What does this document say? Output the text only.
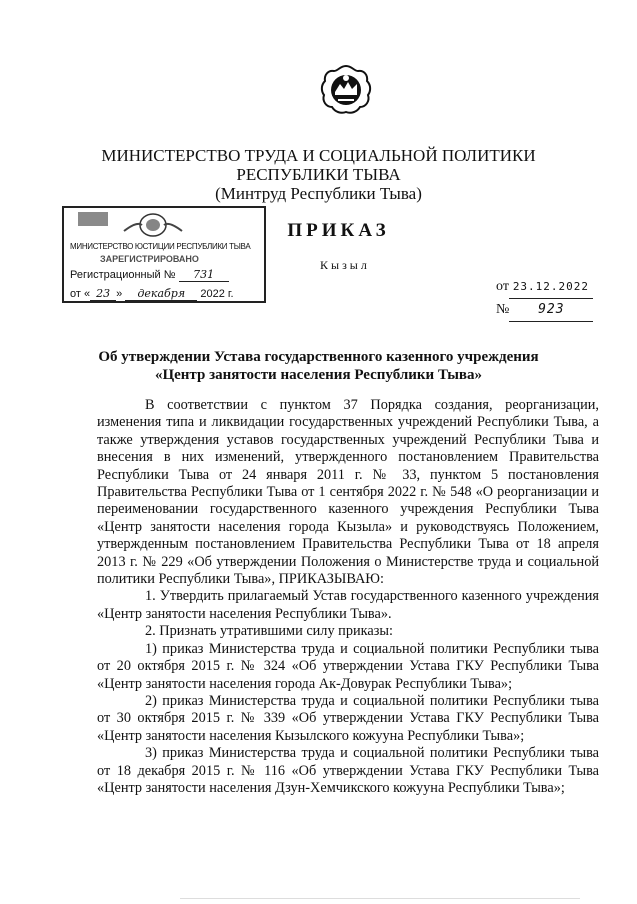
МИНИСТЕРСТВО ТРУДА И СОЦИАЛЬНОЙ ПОЛИТИКИ
РЕСПУБЛИКИ ТЫВА
(Минтруд Республики Тыва)
МИНИСТЕРСТВО ЮСТИЦИИ РЕСПУБЛИКИ ТЫВА
ЗАРЕГИСТРИРОВАНО
Регистрационный № 731
от « 23 » декабря 2022 г.
ПРИКАЗ
Кызыл
от 23.12.2022
№ 923
Об утверждении Устава государственного казенного учреждения
«Центр занятости населения Республики Тыва»

В соответствии с пунктом 37 Порядка создания, реорганизации, изменения типа и ликвидации государственных учреждений Республики Тыва, а также утверждения уставов государственных учреждений Республики Тыва и внесения в них изменений, утвержденного постановлением Правительства Республики Тыва от 24 января 2011 г. № 33, пунктом 5 постановления Правительства Республики Тыва от 1 сентября 2022 г. № 548 «О реорганизации и переименовании государственного казенного учреждения Республики Тыва «Центр занятости населения города Кызыла» и руководствуясь Положением, утвержденным постановлением Правительства Республики Тыва от 18 апреля 2013 г. № 229 «Об утверждении Положения о Министерстве труда и социальной политики Республики Тыва», ПРИКАЗЫВАЮ:

1. Утвердить прилагаемый Устав государственного казенного учреждения «Центр занятости населения Республики Тыва».

2. Признать утратившими силу приказы:

1) приказ Министерства труда и социальной политики Республики тыва от 20 октября 2015 г. № 324 «Об утверждении Устава ГКУ Республики Тыва «Центр занятости населения города Ак-Довурак Республики Тыва»;

2) приказ Министерства труда и социальной политики Республики тыва от 30 октября 2015 г. № 339 «Об утверждении Устава ГКУ Республики Тыва «Центр занятости населения Кызылского кожууна Республики Тыва»;

3) приказ Министерства труда и социальной политики Республики тыва от 18 декабря 2015 г. № 116 «Об утверждении Устава ГКУ Республики Тыва «Центр занятости населения Дзун-Хемчикского кожууна Республики Тыва»;
